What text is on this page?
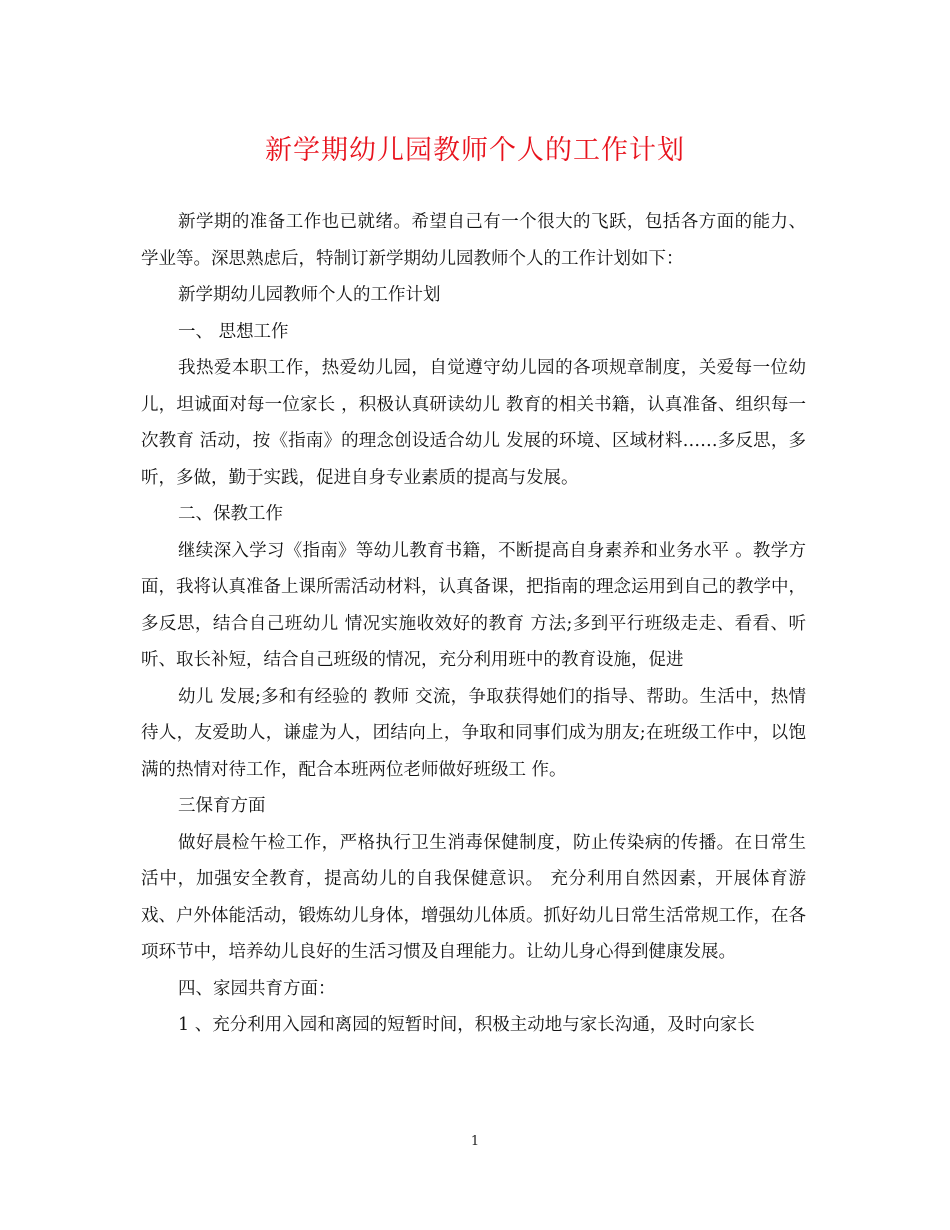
新学期幼儿园教师个人的工作计划

新学期的准备工作也已就绪。希望自己有一个很大的飞跃，包括各方面的能力、学业等。深思熟虑后，特制订新学期幼儿园教师个人的工作计划如下：

新学期幼儿园教师个人的工作计划

一、 思想工作

我热爱本职工作，热爱幼儿园，自觉遵守幼儿园的各项规章制度，关爱每一位幼儿，坦诚面对每一位家长 ，积极认真研读幼儿 教育的相关书籍，认真准备、组织每一次教育 活动，按《指南》的理念创设适合幼儿 发展的环境、区域材料……多反思，多听，多做，勤于实践，促进自身专业素质的提高与发展。

二、保教工作

继续深入学习《指南》等幼儿教育书籍，不断提高自身素养和业务水平 。教学方面，我将认真准备上课所需活动材料，认真备课，把指南的理念运用到自己的教学中，多反思，结合自己班幼儿 情况实施收效好的教育 方法;多到平行班级走走、看看、听听、取长补短，结合自己班级的情况，充分利用班中的教育设施，促进

幼儿 发展;多和有经验的 教师 交流，争取获得她们的指导、帮助。生活中，热情待人，友爱助人，谦虚为人，团结向上，争取和同事们成为朋友;在班级工作中，以饱满的热情对待工作，配合本班两位老师做好班级工 作。

三保育方面

做好晨检午检工作，严格执行卫生消毒保健制度，防止传染病的传播。在日常生活中，加强安全教育，提高幼儿的自我保健意识。 充分利用自然因素，开展体育游戏、户外体能活动，锻炼幼儿身体，增强幼儿体质。抓好幼儿日常生活常规工作，在各项环节中，培养幼儿良好的生活习惯及自理能力。让幼儿身心得到健康发展。

四、家园共育方面：

1 、充分利用入园和离园的短暂时间，积极主动地与家长沟通，及时向家长

1
